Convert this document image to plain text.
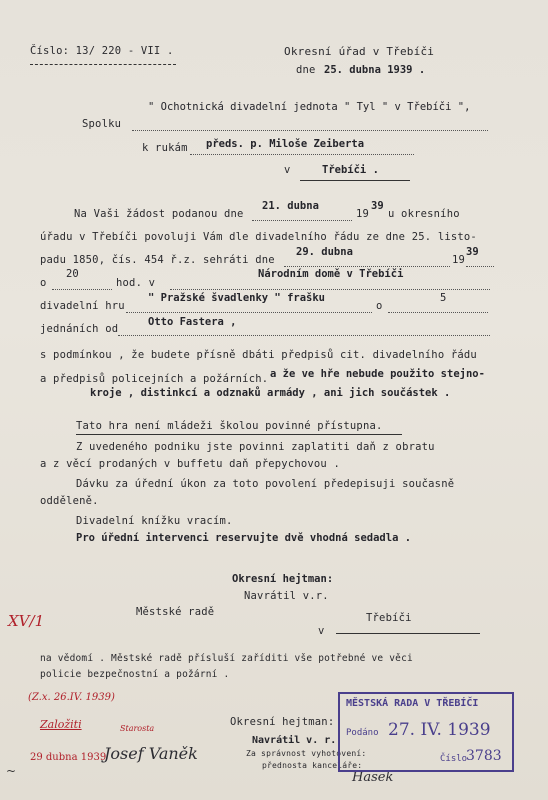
Číslo: 13/ 220 - VII .	Okresní úřad v Třebíči
dne 25. dubna 1939 .
" Ochotnická divadelní jednota " Tyl " v Třebíči ",
Spolku
k rukám předs. p. Miloše Zeiberta
v	Třebíči .
Na Vaši žádost podanou dne
21. dubna
19
39
u okresního
úřadu v Třebíči povoluji Vám dle divadelního řádu ze dne 25. listo-
padu 1850, čís. 454 ř.z. sehráti dne
29. dubna
19
39
o
20
hod. v
Národním domě v Třebíči
divadelní hru
" Pražské švadlenky " frašku
o
5
jednáních od
Otto Fastera ,
s podmínkou , že budete přísně dbáti předpisů cit. divadelního řádu
a předpisů policejních a požárních. a že ve hře nebude použito stejno-
kroje , distinkcí a odznaků armády , ani jich součástek .
Tato hra není mládeži školou povinné přístupna.
Z uvedeného podniku jste povinni zaplatiti daň z obratu
a z věcí prodaných v buffetu daň přepychovou .
Dávku za úřední úkon za toto povolení předepisuji současně
odděleně.
Divadelní knížku vracím.
Pro úřední intervenci reservujte dvě vhodná sedadla .
Okresní hejtman:
Navrátil v.r.
XV/1	Městské radě
v
Třebíči
na vědomí . Městské radě přísluší zaříditi vše potřebné ve věci
policie bezpečnostní a požární .
(Z.x. 26.IV. 1939)
Založiti	Starosta
29 dubna 1939
~
Josef Vaněk
Okresní hejtman:
Navrátil v. r.
Za správnost vyhotovení:
přednosta kanceláře:
Hasek
MĚSTSKÁ RADA V TŘEBÍČI
Podáno 27. IV. 1939
Číslo
3783
